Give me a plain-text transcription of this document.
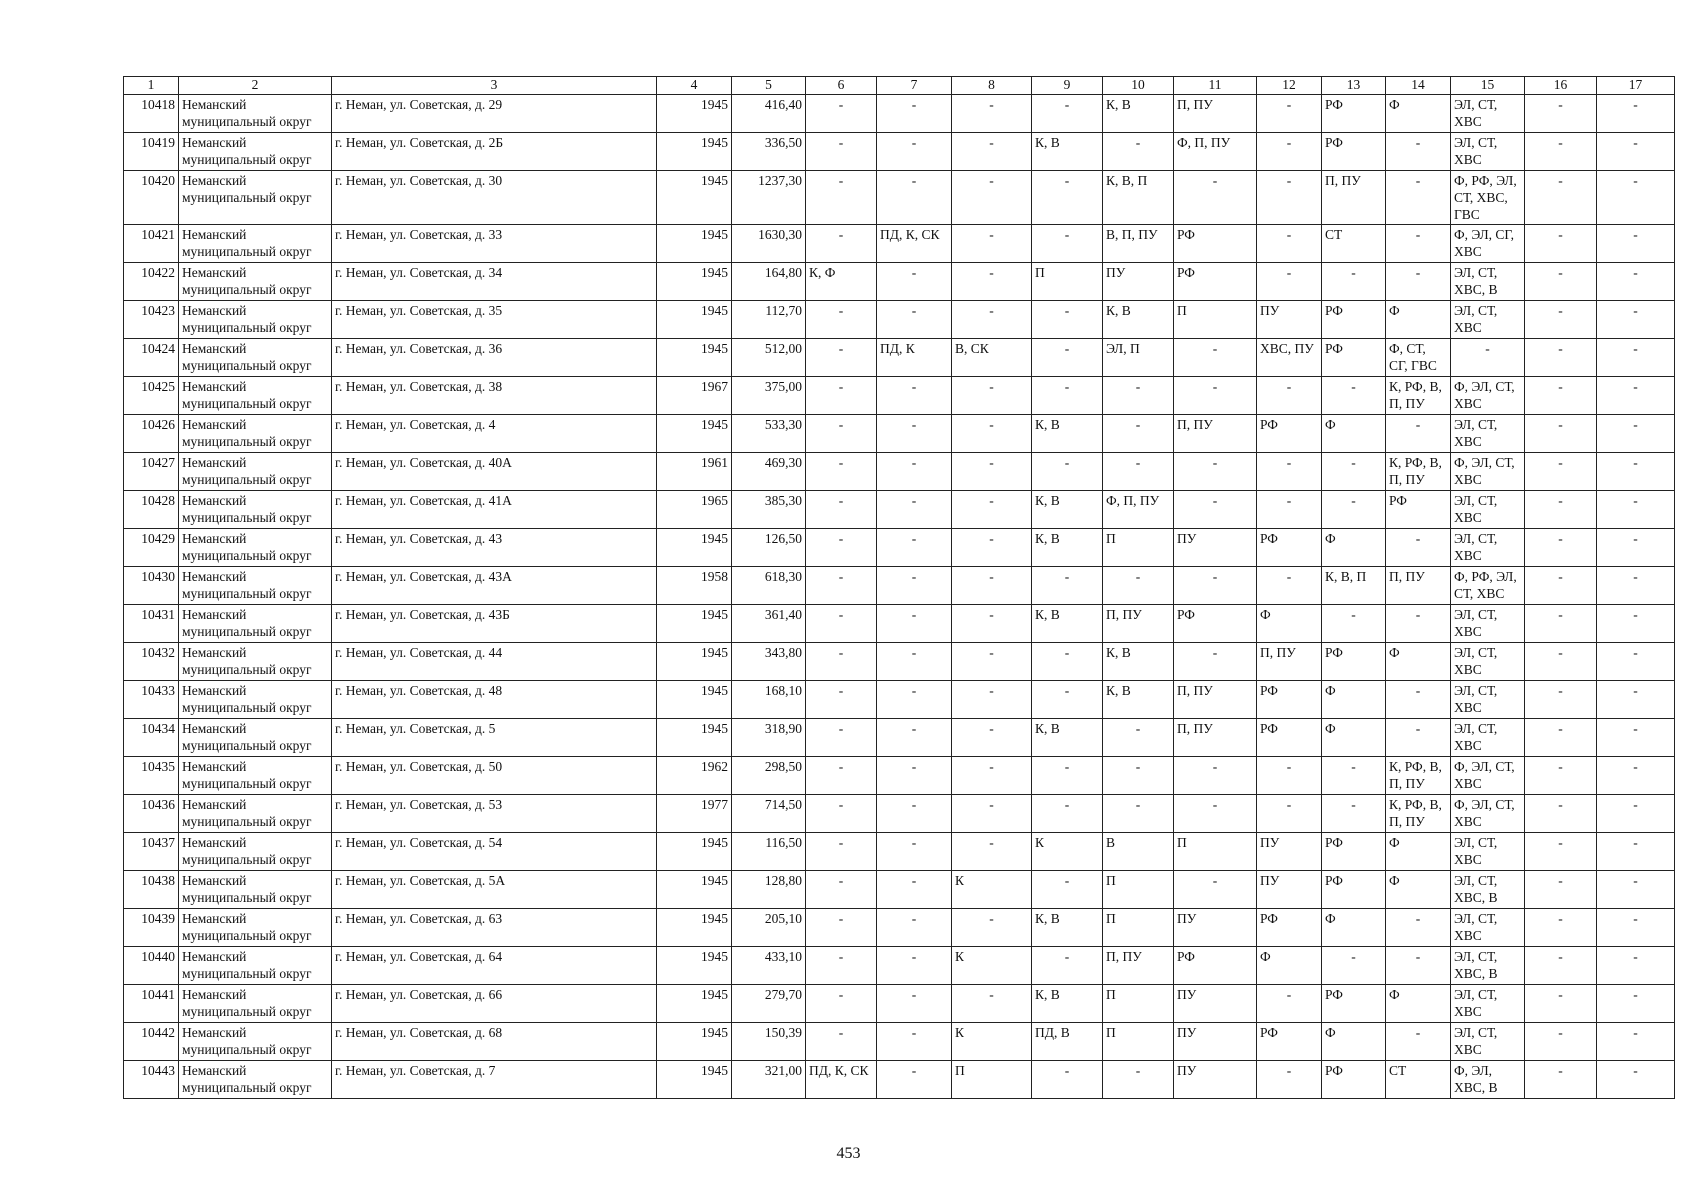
1	2	3	4	5	6	7	8	9	10	11	12	13	14	15	16	17
10418	Неманский муниципальный округ	г. Неман, ул. Советская, д. 29	1945	416,40	-	-	-	-	К, В	П, ПУ	-	РФ	Ф	ЭЛ, СТ, ХВС	-	-
10419	Неманский муниципальный округ	г. Неман, ул. Советская, д. 2Б	1945	336,50	-	-	-	К, В	-	Ф, П, ПУ	-	РФ	-	ЭЛ, СТ, ХВС	-	-
10420	Неманский муниципальный округ	г. Неман, ул. Советская, д. 30	1945	1237,30	-	-	-	-	К, В, П	-	-	П, ПУ	-	Ф, РФ, ЭЛ, СТ, ХВС, ГВС	-	-
10421	Неманский муниципальный округ	г. Неман, ул. Советская, д. 33	1945	1630,30	-	ПД, К, СК	-	-	В, П, ПУ	РФ	-	СТ	-	Ф, ЭЛ, СГ, ХВС	-	-
10422	Неманский муниципальный округ	г. Неман, ул. Советская, д. 34	1945	164,80	К, Ф	-	-	П	ПУ	РФ	-	-	-	ЭЛ, СТ, ХВС, В	-	-
10423	Неманский муниципальный округ	г. Неман, ул. Советская, д. 35	1945	112,70	-	-	-	-	К, В	П	ПУ	РФ	Ф	ЭЛ, СТ, ХВС	-	-
10424	Неманский муниципальный округ	г. Неман, ул. Советская, д. 36	1945	512,00	-	ПД, К	В, СК	-	ЭЛ, П	-	ХВС, ПУ	РФ	Ф, СТ, СГ, ГВС	-	-	-
10425	Неманский муниципальный округ	г. Неман, ул. Советская, д. 38	1967	375,00	-	-	-	-	-	-	-	-	К, РФ, В, П, ПУ	Ф, ЭЛ, СТ, ХВС	-	-
10426	Неманский муниципальный округ	г. Неман, ул. Советская, д. 4	1945	533,30	-	-	-	К, В	-	П, ПУ	РФ	Ф	-	ЭЛ, СТ, ХВС	-	-
10427	Неманский муниципальный округ	г. Неман, ул. Советская, д. 40А	1961	469,30	-	-	-	-	-	-	-	-	К, РФ, В, П, ПУ	Ф, ЭЛ, СТ, ХВС	-	-
10428	Неманский муниципальный округ	г. Неман, ул. Советская, д. 41А	1965	385,30	-	-	-	К, В	Ф, П, ПУ	-	-	-	РФ	ЭЛ, СТ, ХВС	-	-
10429	Неманский муниципальный округ	г. Неман, ул. Советская, д. 43	1945	126,50	-	-	-	К, В	П	ПУ	РФ	Ф	-	ЭЛ, СТ, ХВС	-	-
10430	Неманский муниципальный округ	г. Неман, ул. Советская, д. 43А	1958	618,30	-	-	-	-	-	-	-	К, В, П	П, ПУ	Ф, РФ, ЭЛ, СТ, ХВС	-	-
10431	Неманский муниципальный округ	г. Неман, ул. Советская, д. 43Б	1945	361,40	-	-	-	К, В	П, ПУ	РФ	Ф	-	-	ЭЛ, СТ, ХВС	-	-
10432	Неманский муниципальный округ	г. Неман, ул. Советская, д. 44	1945	343,80	-	-	-	-	К, В	-	П, ПУ	РФ	Ф	ЭЛ, СТ, ХВС	-	-
10433	Неманский муниципальный округ	г. Неман, ул. Советская, д. 48	1945	168,10	-	-	-	-	К, В	П, ПУ	РФ	Ф	-	ЭЛ, СТ, ХВС	-	-
10434	Неманский муниципальный округ	г. Неман, ул. Советская, д. 5	1945	318,90	-	-	-	К, В	-	П, ПУ	РФ	Ф	-	ЭЛ, СТ, ХВС	-	-
10435	Неманский муниципальный округ	г. Неман, ул. Советская, д. 50	1962	298,50	-	-	-	-	-	-	-	-	К, РФ, В, П, ПУ	Ф, ЭЛ, СТ, ХВС	-	-
10436	Неманский муниципальный округ	г. Неман, ул. Советская, д. 53	1977	714,50	-	-	-	-	-	-	-	-	К, РФ, В, П, ПУ	Ф, ЭЛ, СТ, ХВС	-	-
10437	Неманский муниципальный округ	г. Неман, ул. Советская, д. 54	1945	116,50	-	-	-	К	В	П	ПУ	РФ	Ф	ЭЛ, СТ, ХВС	-	-
10438	Неманский муниципальный округ	г. Неман, ул. Советская, д. 5А	1945	128,80	-	-	К	-	П	-	ПУ	РФ	Ф	ЭЛ, СТ, ХВС, В	-	-
10439	Неманский муниципальный округ	г. Неман, ул. Советская, д. 63	1945	205,10	-	-	-	К, В	П	ПУ	РФ	Ф	-	ЭЛ, СТ, ХВС	-	-
10440	Неманский муниципальный округ	г. Неман, ул. Советская, д. 64	1945	433,10	-	-	К	-	П, ПУ	РФ	Ф	-	-	ЭЛ, СТ, ХВС, В	-	-
10441	Неманский муниципальный округ	г. Неман, ул. Советская, д. 66	1945	279,70	-	-	-	К, В	П	ПУ	-	РФ	Ф	ЭЛ, СТ, ХВС	-	-
10442	Неманский муниципальный округ	г. Неман, ул. Советская, д. 68	1945	150,39	-	-	К	ПД, В	П	ПУ	РФ	Ф	-	ЭЛ, СТ, ХВС	-	-
10443	Неманский муниципальный округ	г. Неман, ул. Советская, д. 7	1945	321,00	ПД, К, СК	-	П	-	-	ПУ	-	РФ	СТ	Ф, ЭЛ, ХВС, В	-	-
453
